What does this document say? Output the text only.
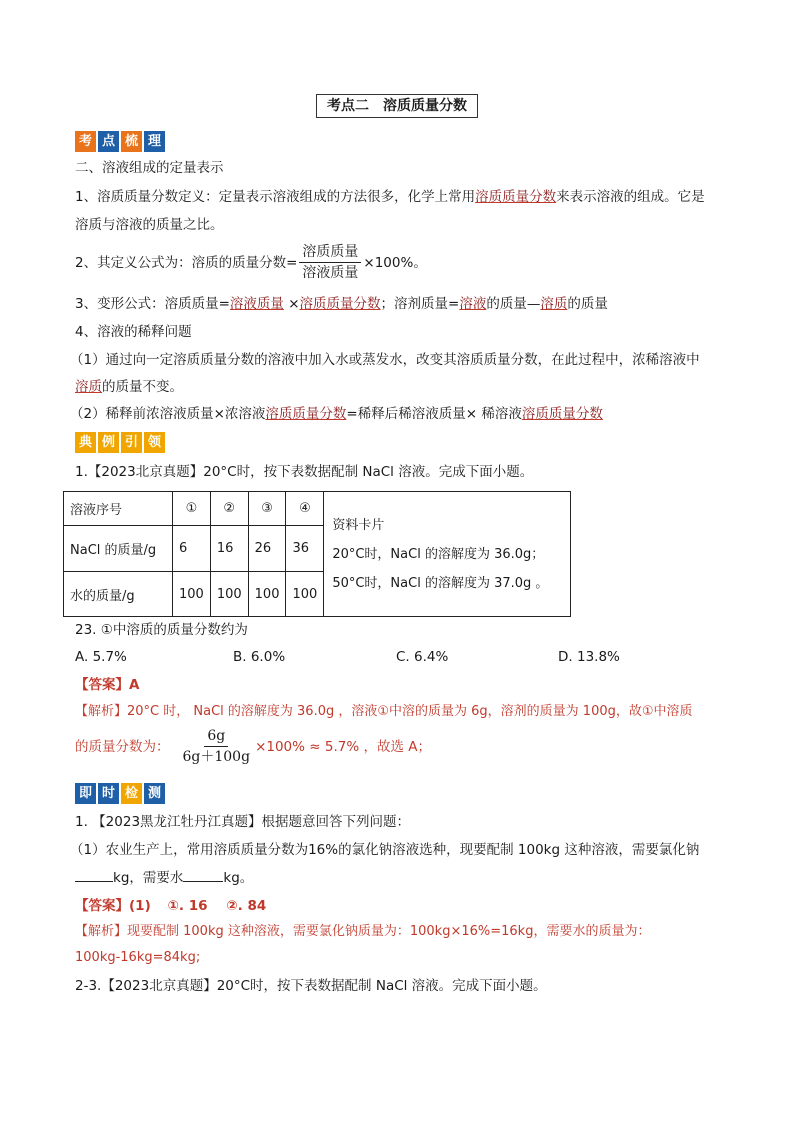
考点二　溶质质量分数
考 点 梳 理
二、溶液组成的定量表示
1、溶质质量分数定义：定量表示溶液组成的方法很多，化学上常用溶质质量分数来表示溶液的组成。它是
溶质与溶液的质量之比。
2、其定义公式为：溶质的质量分数= $\frac{\text{溶质质量}}{\text{溶液质量}} \times 100\%$。
3、变形公式：溶质质量=溶液质量 ×溶质质量分数；溶剂质量=溶液的质量—溶质的质量
4、溶液的稀释问题
（1）通过向一定溶质质量分数的溶液中加入水或蒸发水，改变其溶质质量分数，在此过程中，浓稀溶液中
溶质的质量不变。
（2）稀释前浓溶液质量×浓溶液溶质质量分数=稀释后稀溶液质量× 稀溶液溶质质量分数
典 例 引 领
1.【2023北京真题】20°C时，按下表数据配制 NaCl 溶液。完成下面小题。
溶液序号	①	②	③	④	资料卡片
20°C时，NaCl 的溶解度为 36.0g；
50°C时，NaCl 的溶解度为 37.0g 。

NaCl 的质量/g	6	16	26	36	
水的质量/g	100	100	100	100	
23. ①中溶质的质量分数约为
A. 5.7%	B. 6.0%	C. 6.4%	D. 13.8%
【答案】A
【解析】20°C 时， NaCl 的溶解度为 36.0g ，溶液①中溶的质量为 6g，溶剂的质量为 100g，故①中溶质
的质量分数为： $\frac{6g}{6g+100g} \times 100\% \approx 5.7\%$ ，故选 A；
即 时 检 测
1. 【2023黑龙江牡丹江真题】根据题意回答下列问题：
（1）农业生产上，常用溶质质量分数为16%的氯化钠溶液选种，现要配制 100kg 这种溶液，需要氯化钠
kg，需要水	kg。
【答案】(1) ①. 16 ②. 84
【解析】现要配制 100kg 这种溶液，需要氯化钠质量为：100kg×16%=16kg，需要水的质量为：
100kg-16kg=84kg;
2-3.【2023北京真题】20°C时，按下表数据配制 NaCl 溶液。完成下面小题。
